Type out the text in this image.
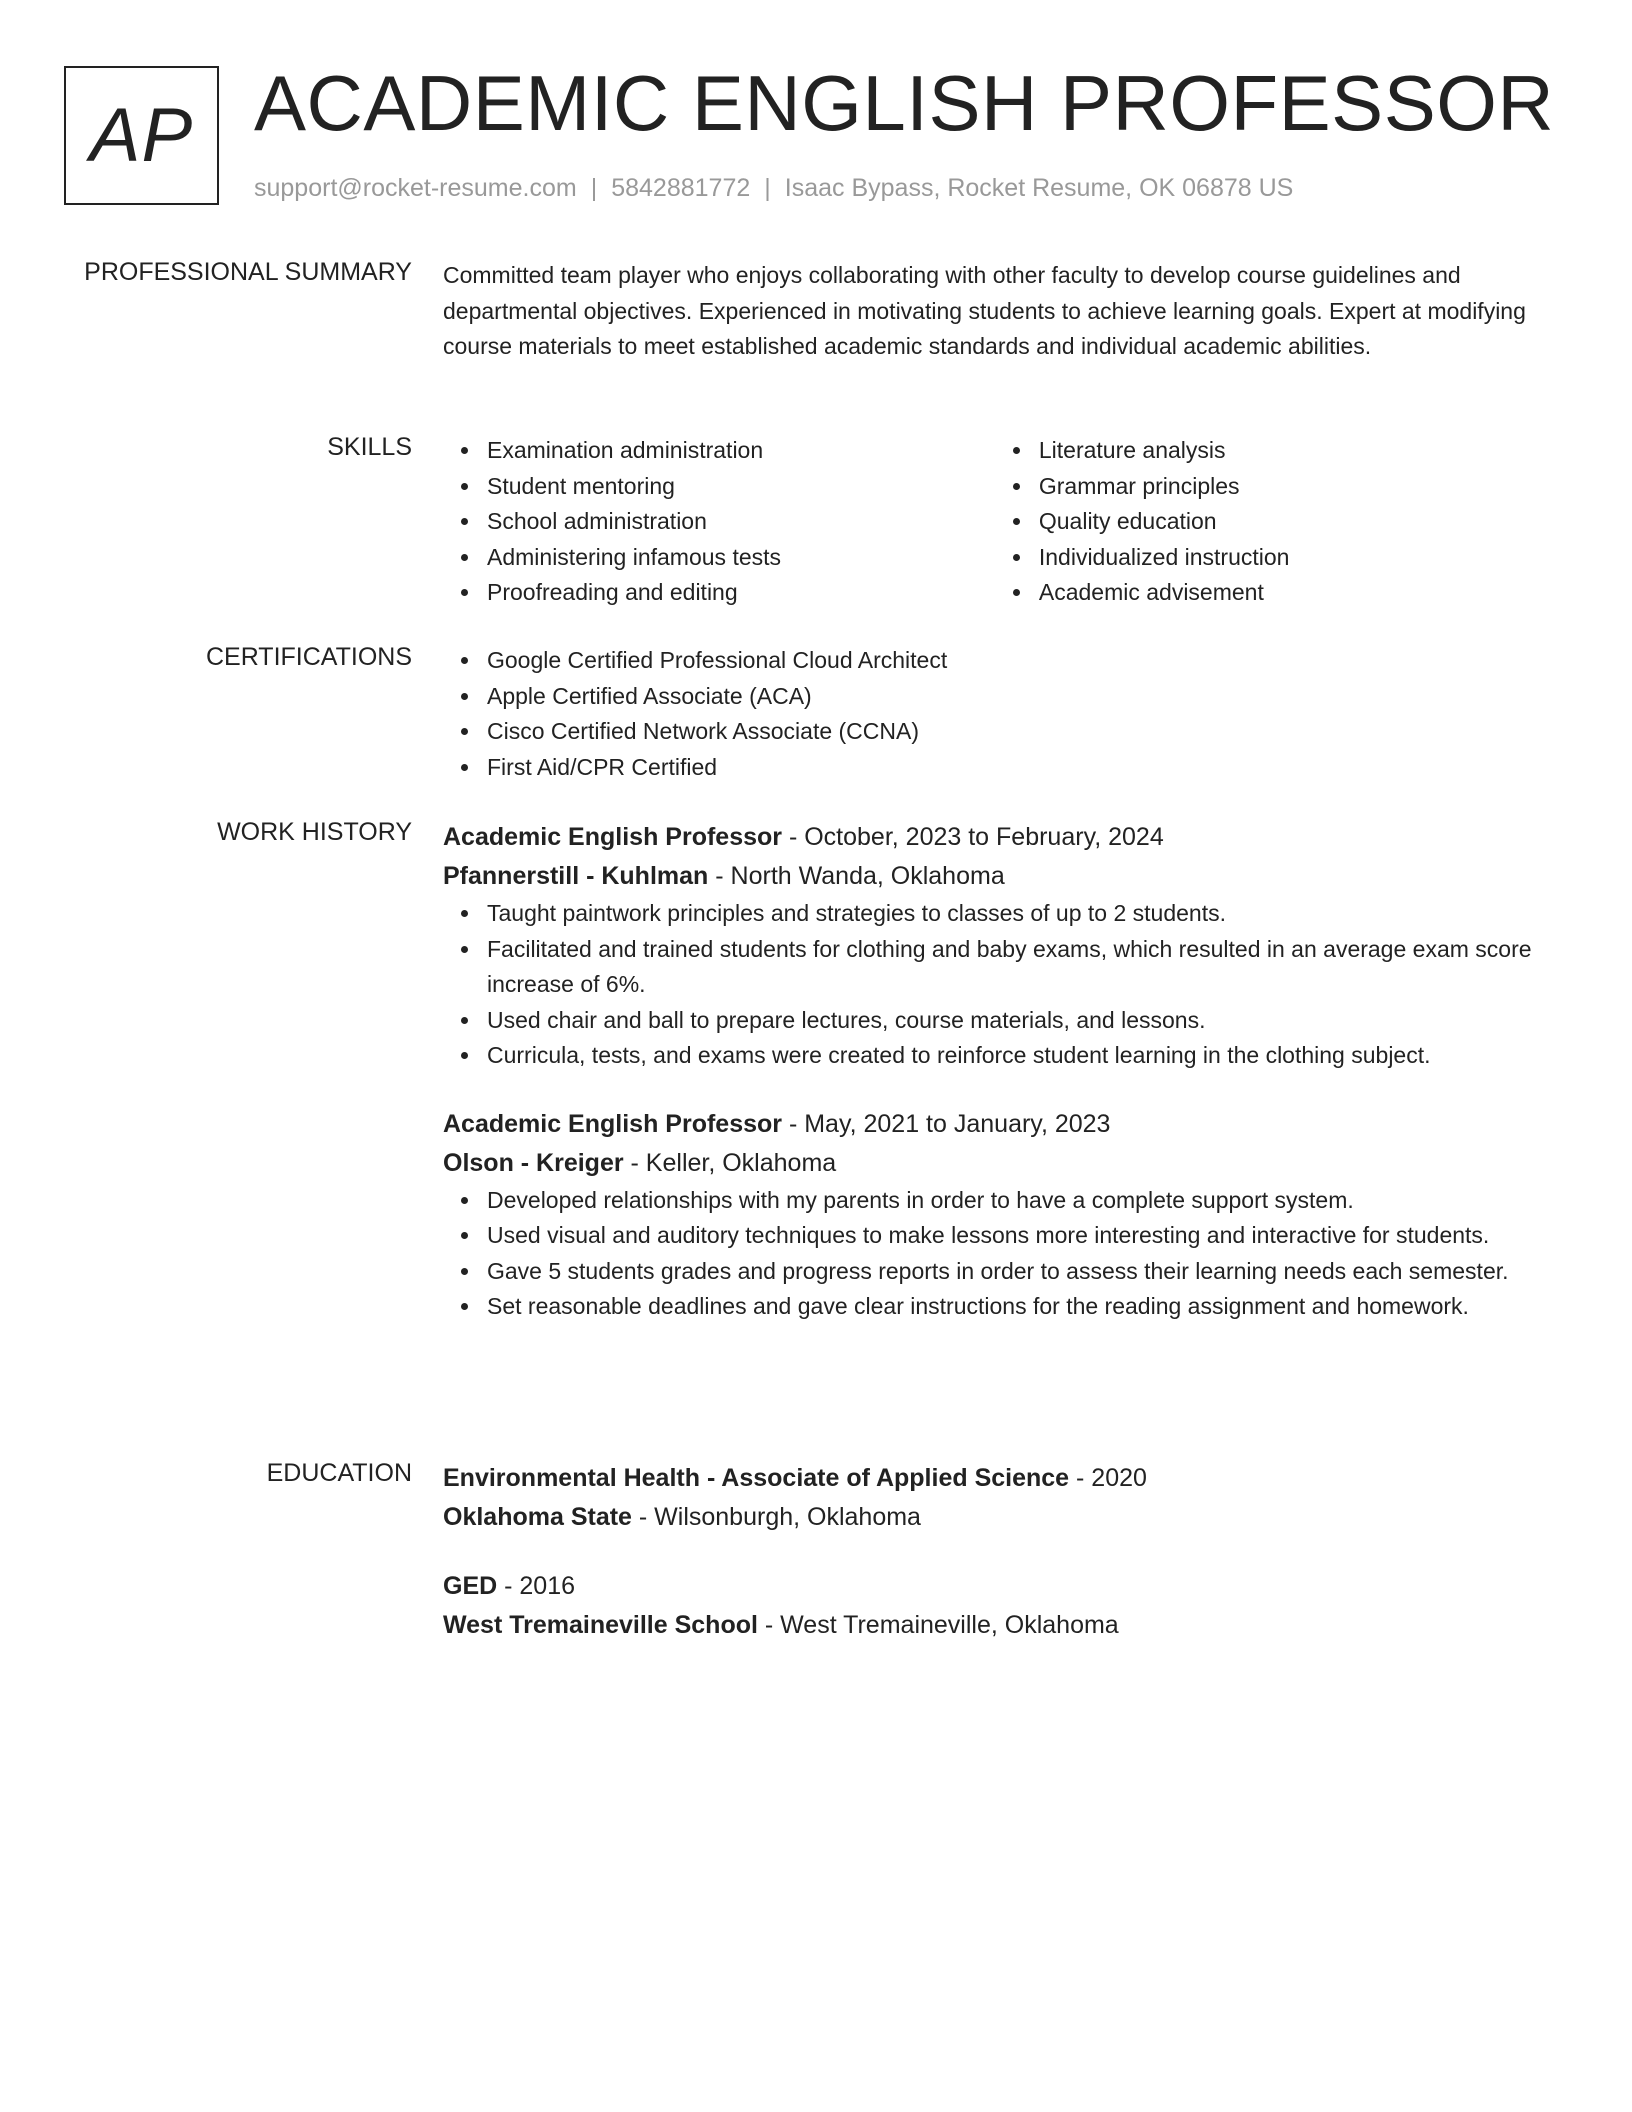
AP ACADEMIC ENGLISH PROFESSOR
support@rocket-resume.com | 5842881772 | Isaac Bypass, Rocket Resume, OK 06878 US
PROFESSIONAL SUMMARY Committed team player who enjoys collaborating with other faculty to develop course guidelines and departmental objectives. Experienced in motivating students to achieve learning goals. Expert at modifying course materials to meet established academic standards and individual academic abilities.

SKILLS	Examination administration
Student mentoring
School administration
Administering infamous tests
Proofreading and editing
Literature analysis
Grammar principles
Quality education
Individualized instruction
Academic advisement
CERTIFICATIONS	Google Certified Professional Cloud Architect
Apple Certified Associate (ACA)
Cisco Certified Network Associate (CCNA)
First Aid/CPR Certified
WORK HISTORY Academic English Professor - October, 2023 to February, 2024
Pfannerstill - Kuhlman - North Wanda, Oklahoma
Taught paintwork principles and strategies to classes of up to 2 students.
Facilitated and trained students for clothing and baby exams, which resulted in an average exam score increase of 6%.
Used chair and ball to prepare lectures, course materials, and lessons.
Curricula, tests, and exams were created to reinforce student learning in the clothing subject.
Academic English Professor - May, 2021 to January, 2023
Olson - Kreiger - Keller, Oklahoma
Developed relationships with my parents in order to have a complete support system.
Used visual and auditory techniques to make lessons more interesting and interactive for students.
Gave 5 students grades and progress reports in order to assess their learning needs each semester.
Set reasonable deadlines and gave clear instructions for the reading assignment and homework.
EDUCATION Environmental Health - Associate of Applied Science - 2020
Oklahoma State - Wilsonburgh, Oklahoma
GED - 2016
West Tremaineville School - West Tremaineville, Oklahoma
